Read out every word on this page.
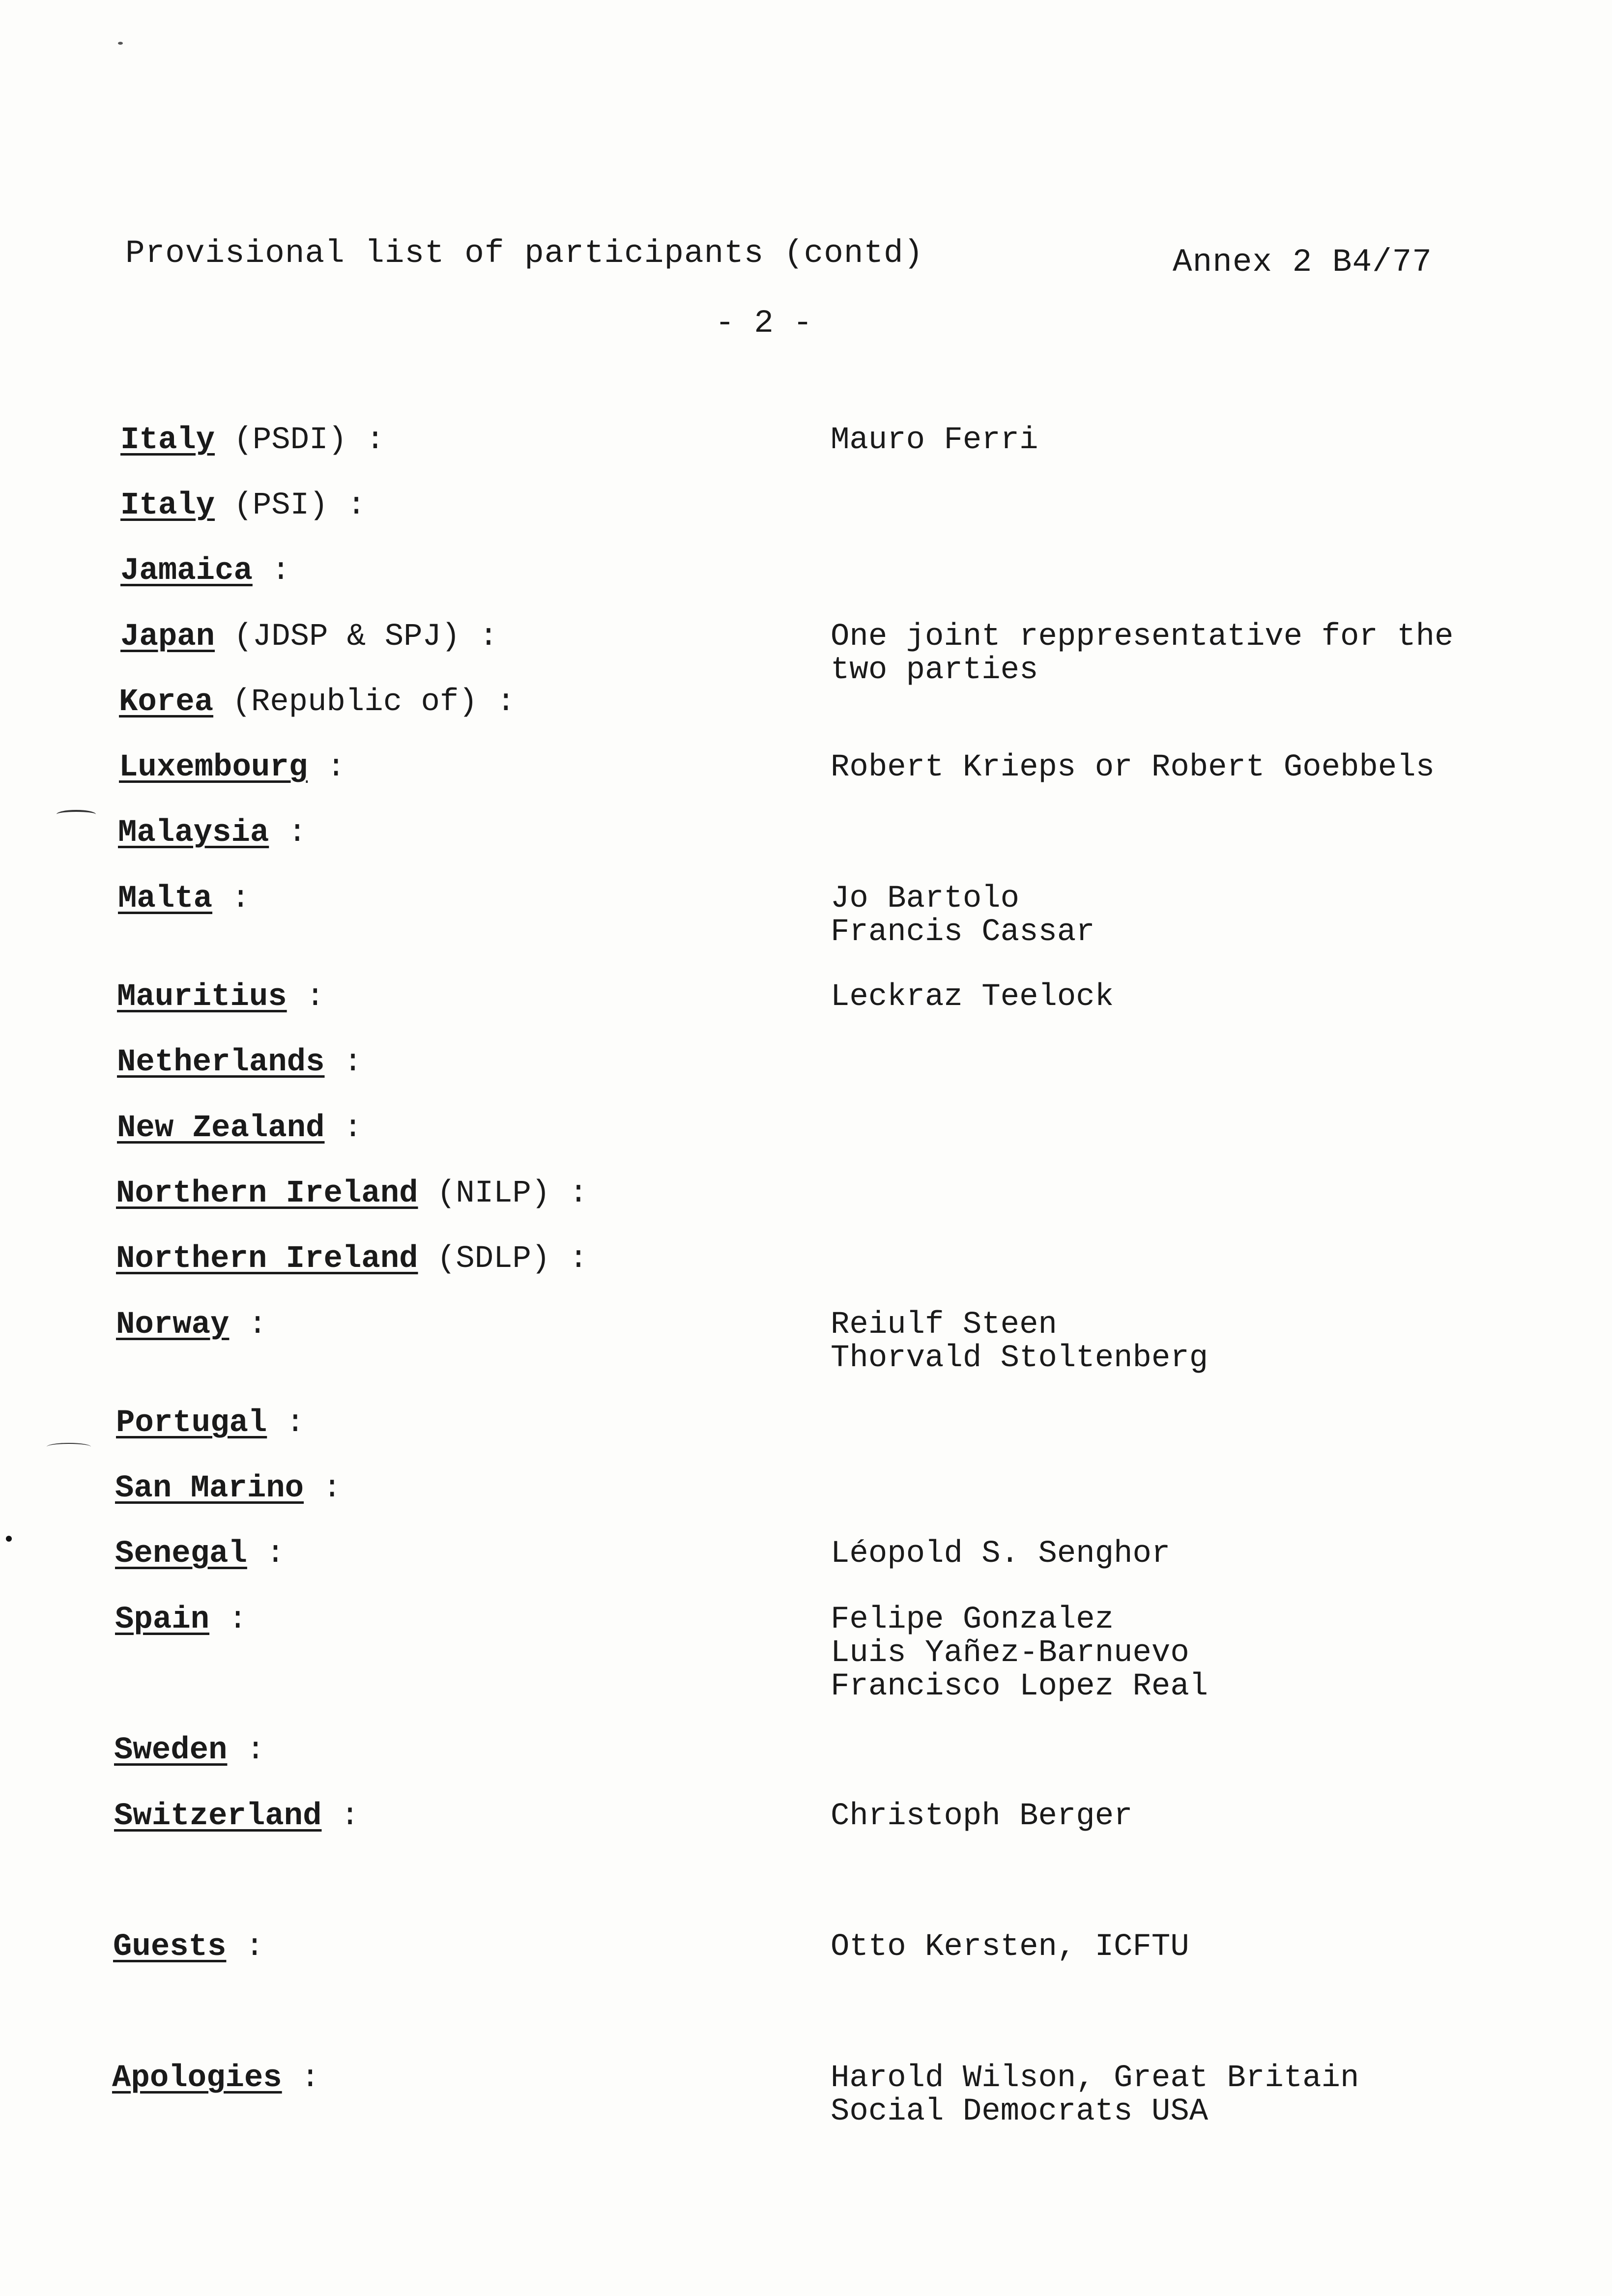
Provisional list of participants (contd)	Annex 2 B4/77
- 2 -
Italy (PSDI) :	Mauro Ferri
Italy (PSI) :
Jamaica :
Japan (JDSP & SPJ) :	One joint reppresentative for the
two parties
Korea (Republic of) :
Luxembourg :	Robert Krieps or Robert Goebbels
Malaysia :
Malta :	Jo Bartolo
Francis Cassar
Mauritius :	Leckraz Teelock
Netherlands :
New Zealand :
Northern Ireland (NILP) :
Northern Ireland (SDLP) :
Norway :	Reiulf Steen
Thorvald Stoltenberg
Portugal :
San Marino :
Senegal :	Léopold S. Senghor
Spain :	Felipe Gonzalez
Luis Yañez-Barnuevo
Francisco Lopez Real
Sweden :
Switzerland :	Christoph Berger
Guests :	Otto Kersten, ICFTU
Apologies :	Harold Wilson, Great Britain
Social Democrats USA
